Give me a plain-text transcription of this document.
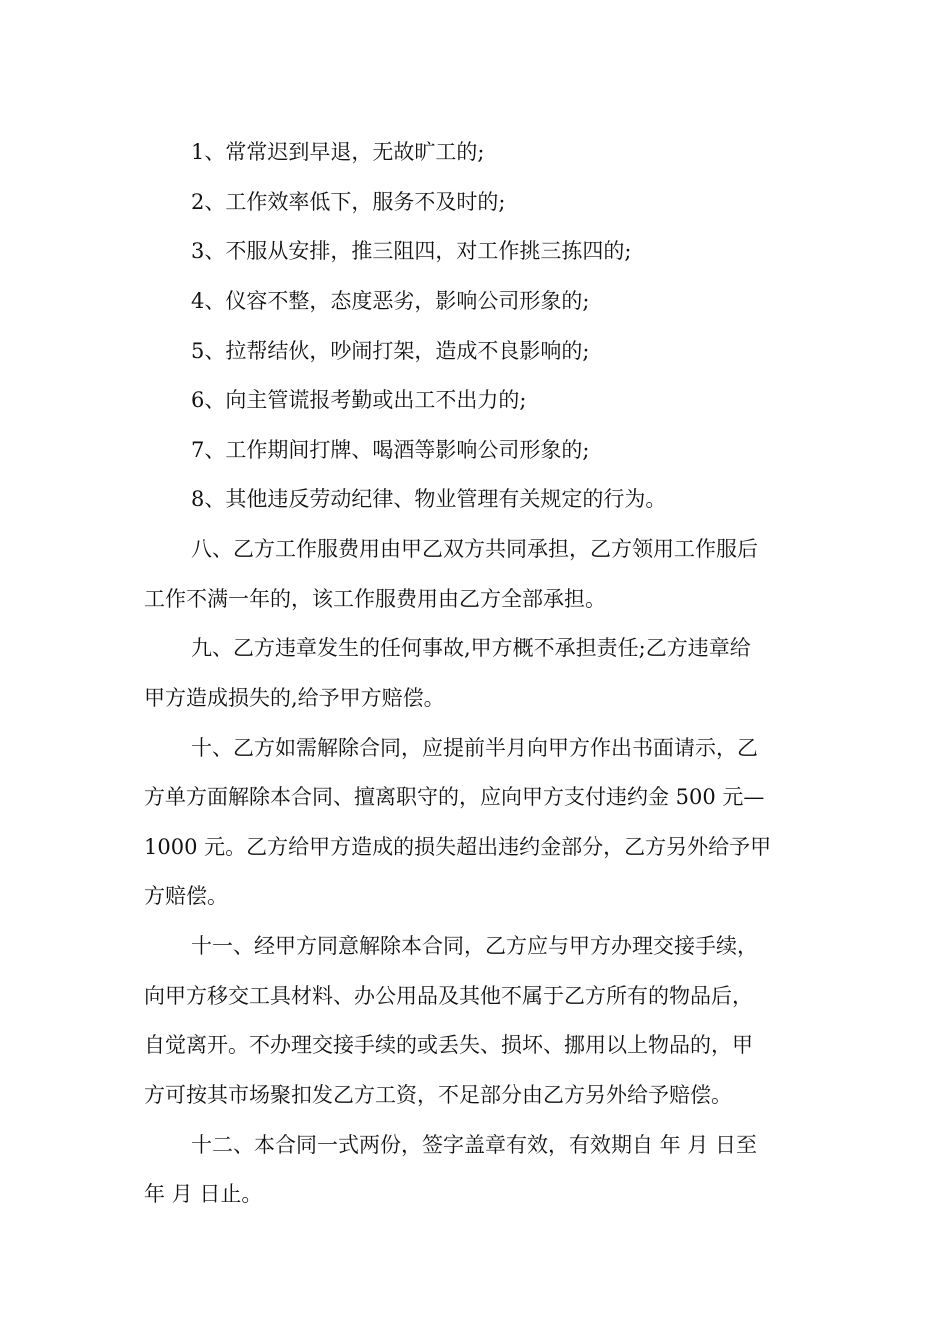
1、常常迟到早退，无故旷工的;
2、工作效率低下，服务不及时的;
3、不服从安排，推三阻四，对工作挑三拣四的;
4、仪容不整，态度恶劣，影响公司形象的;
5、拉帮结伙，吵闹打架，造成不良影响的;
6、向主管谎报考勤或出工不出力的;
7、工作期间打牌、喝酒等影响公司形象的;
8、其他违反劳动纪律、物业管理有关规定的行为。
八、乙方工作服费用由甲乙双方共同承担，乙方领用工作服后
工作不满一年的，该工作服费用由乙方全部承担。
九、乙方违章发生的任何事故,甲方概不承担责任;乙方违章给
甲方造成损失的,给予甲方赔偿。
十、乙方如需解除合同，应提前半月向甲方作出书面请示，乙
方单方面解除本合同、擅离职守的，应向甲方支付违约金 500 元—
1000 元。乙方给甲方造成的损失超出违约金部分，乙方另外给予甲
方赔偿。
十一、经甲方同意解除本合同，乙方应与甲方办理交接手续，
向甲方移交工具材料、办公用品及其他不属于乙方所有的物品后，
自觉离开。不办理交接手续的或丢失、损坏、挪用以上物品的，甲
方可按其市场聚扣发乙方工资，不足部分由乙方另外给予赔偿。
十二、本合同一式两份，签字盖章有效，有效期自 年 月 日至
年 月 日止。
